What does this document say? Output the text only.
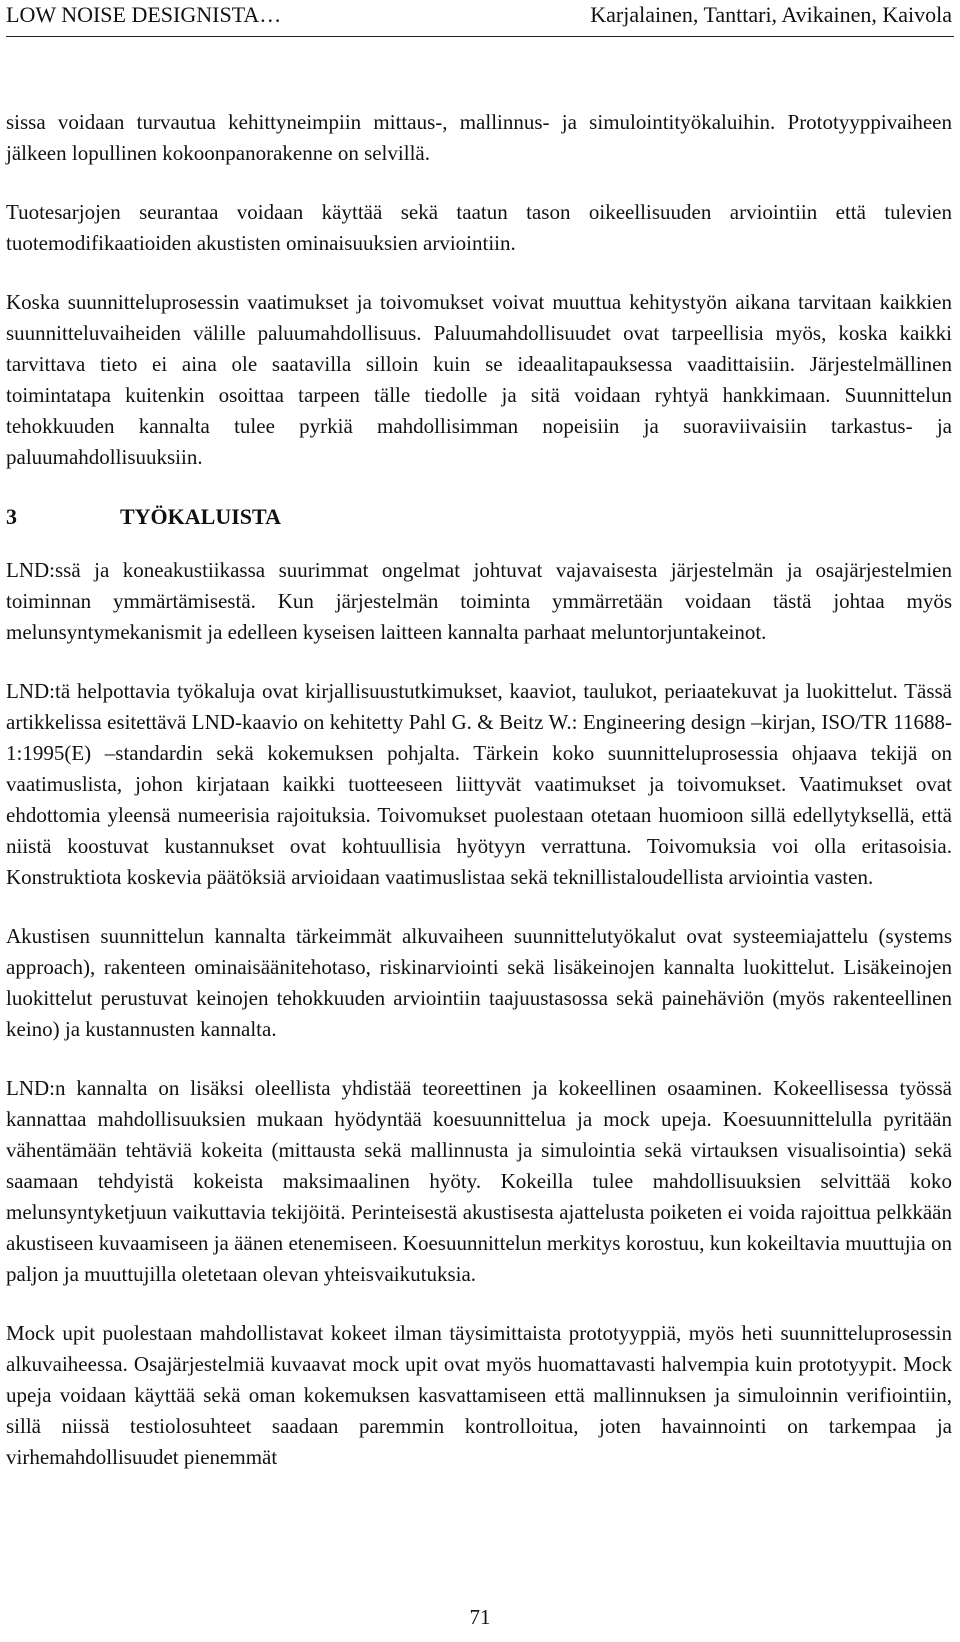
LOW NOISE DESIGNISTA…	Karjalainen, Tanttari, Avikainen, Kaivola

sissa voidaan turvautua kehittyneimpiin mittaus-, mallinnus- ja simulointityökaluihin. Prototyyppivaiheen jälkeen lopullinen kokoonpanorakenne on selvillä.

Tuotesarjojen seurantaa voidaan käyttää sekä taatun tason oikeellisuuden arviointiin että tulevien tuotemodifikaatioiden akustisten ominaisuuksien arviointiin.

Koska suunnitteluprosessin vaatimukset ja toivomukset voivat muuttua kehitystyön aikana tarvitaan kaikkien suunnitteluvaiheiden välille paluumahdollisuus. Paluumahdollisuudet ovat tarpeellisia myös, koska kaikki tarvittava tieto ei aina ole saatavilla silloin kuin se ideaalitapauksessa vaadittaisiin. Järjestelmällinen toimintatapa kuitenkin osoittaa tarpeen tälle tiedolle ja sitä voidaan ryhtyä hankkimaan. Suunnittelun tehokkuuden kannalta tulee pyrkiä mahdollisimman nopeisiin ja suoraviivaisiin tarkastus- ja paluumahdollisuuksiin.

3	TYÖKALUISTA

LND:ssä ja koneakustiikassa suurimmat ongelmat johtuvat vajavaisesta järjestelmän ja osajärjestelmien toiminnan ymmärtämisestä. Kun järjestelmän toiminta ymmärretään voidaan tästä johtaa myös melunsyntymekanismit ja edelleen kyseisen laitteen kannalta parhaat meluntorjuntakeinot.

LND:tä helpottavia työkaluja ovat kirjallisuustutkimukset, kaaviot, taulukot, periaatekuvat ja luokittelut. Tässä artikkelissa esitettävä LND-kaavio on kehitetty Pahl G. & Beitz W.: Engineering design –kirjan, ISO/TR 11688-1:1995(E) –standardin sekä kokemuksen pohjalta. Tärkein koko suunnitteluprosessia ohjaava tekijä on vaatimuslista, johon kirjataan kaikki tuotteeseen liittyvät vaatimukset ja toivomukset. Vaatimukset ovat ehdottomia yleensä numeerisia rajoituksia. Toivomukset puolestaan otetaan huomioon sillä edellytyksellä, että niistä koostuvat kustannukset ovat kohtuullisia hyötyyn verrattuna. Toivomuksia voi olla eritasoisia. Konstruktiota koskevia päätöksiä arvioidaan vaatimuslistaa sekä teknillistaloudellista arviointia vasten.

Akustisen suunnittelun kannalta tärkeimmät alkuvaiheen suunnittelutyökalut ovat systeemiajattelu (systems approach), rakenteen ominaisäänitehotaso, riskinarviointi sekä lisäkeinojen kannalta luokittelut. Lisäkeinojen luokittelut perustuvat keinojen tehokkuuden arviointiin taajuustasossa sekä painehäviön (myös rakenteellinen keino) ja kustannusten kannalta.

LND:n kannalta on lisäksi oleellista yhdistää teoreettinen ja kokeellinen osaaminen. Kokeellisessa työssä kannattaa mahdollisuuksien mukaan hyödyntää koesuunnittelua ja mock upeja. Koesuunnittelulla pyritään vähentämään tehtäviä kokeita (mittausta sekä mallinnusta ja simulointia sekä virtauksen visualisointia) sekä saamaan tehdyistä kokeista maksimaalinen hyöty. Kokeilla tulee mahdollisuuksien selvittää koko melunsyntyketjuun vaikuttavia tekijöitä. Perinteisestä akustisesta ajattelusta poiketen ei voida rajoittua pelkkään akustiseen kuvaamiseen ja äänen etenemiseen. Koesuunnittelun merkitys korostuu, kun kokeiltavia muuttujia on paljon ja muuttujilla oletetaan olevan yhteisvaikutuksia.

Mock upit puolestaan mahdollistavat kokeet ilman täysimittaista prototyyppiä, myös heti suunnitteluprosessin alkuvaiheessa. Osajärjestelmiä kuvaavat mock upit ovat myös huomattavasti halvempia kuin prototyypit. Mock upeja voidaan käyttää sekä oman kokemuksen kasvattamiseen että mallinnuksen ja simuloinnin verifiointiin, sillä niissä testiolosuhteet saadaan paremmin kontrolloitua, joten havainnointi on tarkempaa ja virhemahdollisuudet pienemmät

71
